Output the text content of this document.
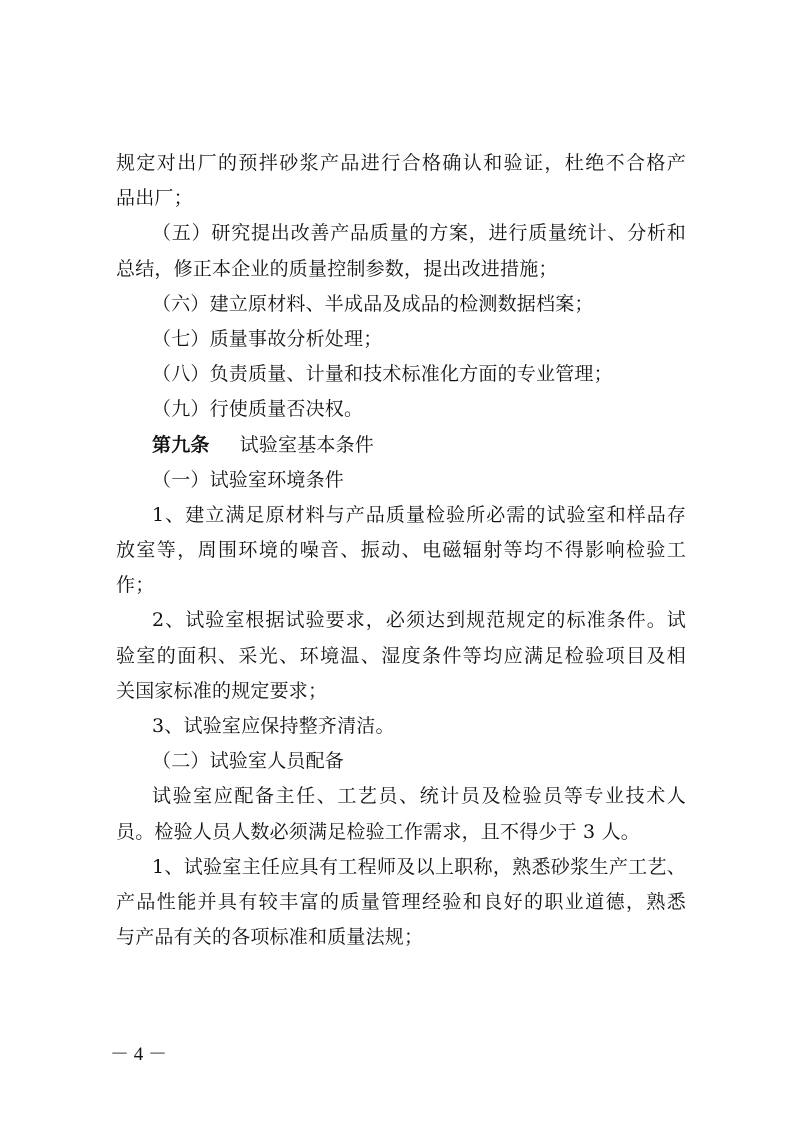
规定对出厂的预拌砂浆产品进行合格确认和验证，杜绝不合格产
品出厂；
（五）研究提出改善产品质量的方案，进行质量统计、分析和
总结，修正本企业的质量控制参数，提出改进措施；
（六）建立原材料、半成品及成品的检测数据档案；
（七）质量事故分析处理；
（八）负责质量、计量和技术标准化方面的专业管理；
（九）行使质量否决权。
第九条 试验室基本条件
（一）试验室环境条件
1、建立满足原材料与产品质量检验所必需的试验室和样品存
放室等，周围环境的噪音、振动、电磁辐射等均不得影响检验工
作；
2、试验室根据试验要求，必须达到规范规定的标准条件。试
验室的面积、采光、环境温、湿度条件等均应满足检验项目及相
关国家标准的规定要求；
3、试验室应保持整齐清洁。
（二）试验室人员配备
试验室应配备主任、工艺员、统计员及检验员等专业技术人
员。检验人员人数必须满足检验工作需求，且不得少于 3 人。
1、试验室主任应具有工程师及以上职称，熟悉砂浆生产工艺、
产品性能并具有较丰富的质量管理经验和良好的职业道德，熟悉
与产品有关的各项标准和质量法规；
－ 4 －
